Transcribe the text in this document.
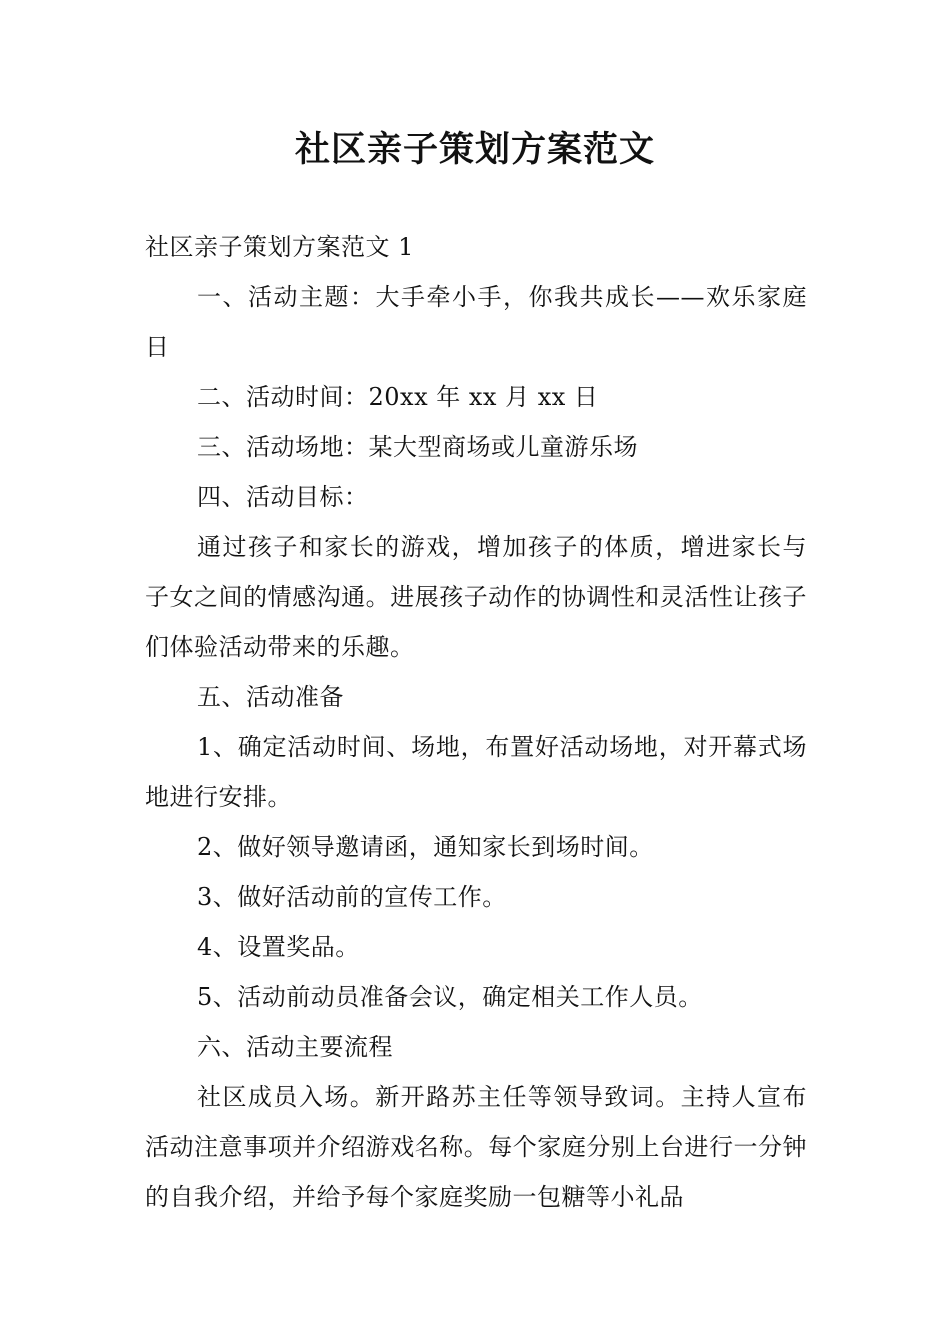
社区亲子策划方案范文

社区亲子策划方案范文 1

一、活动主题：大手牵小手，你我共成长——欢乐家庭日

二、活动时间：20xx 年 xx 月 xx 日

三、活动场地：某大型商场或儿童游乐场

四、活动目标：

通过孩子和家长的游戏，增加孩子的体质，增进家长与子女之间的情感沟通。进展孩子动作的协调性和灵活性让孩子们体验活动带来的乐趣。

五、活动准备

1、确定活动时间、场地，布置好活动场地，对开幕式场地进行安排。

2、做好领导邀请函，通知家长到场时间。

3、做好活动前的宣传工作。

4、设置奖品。

5、活动前动员准备会议，确定相关工作人员。

六、活动主要流程

社区成员入场。新开路苏主任等领导致词。主持人宣布活动注意事项并介绍游戏名称。每个家庭分别上台进行一分钟的自我介绍，并给予每个家庭奖励一包糖等小礼品
